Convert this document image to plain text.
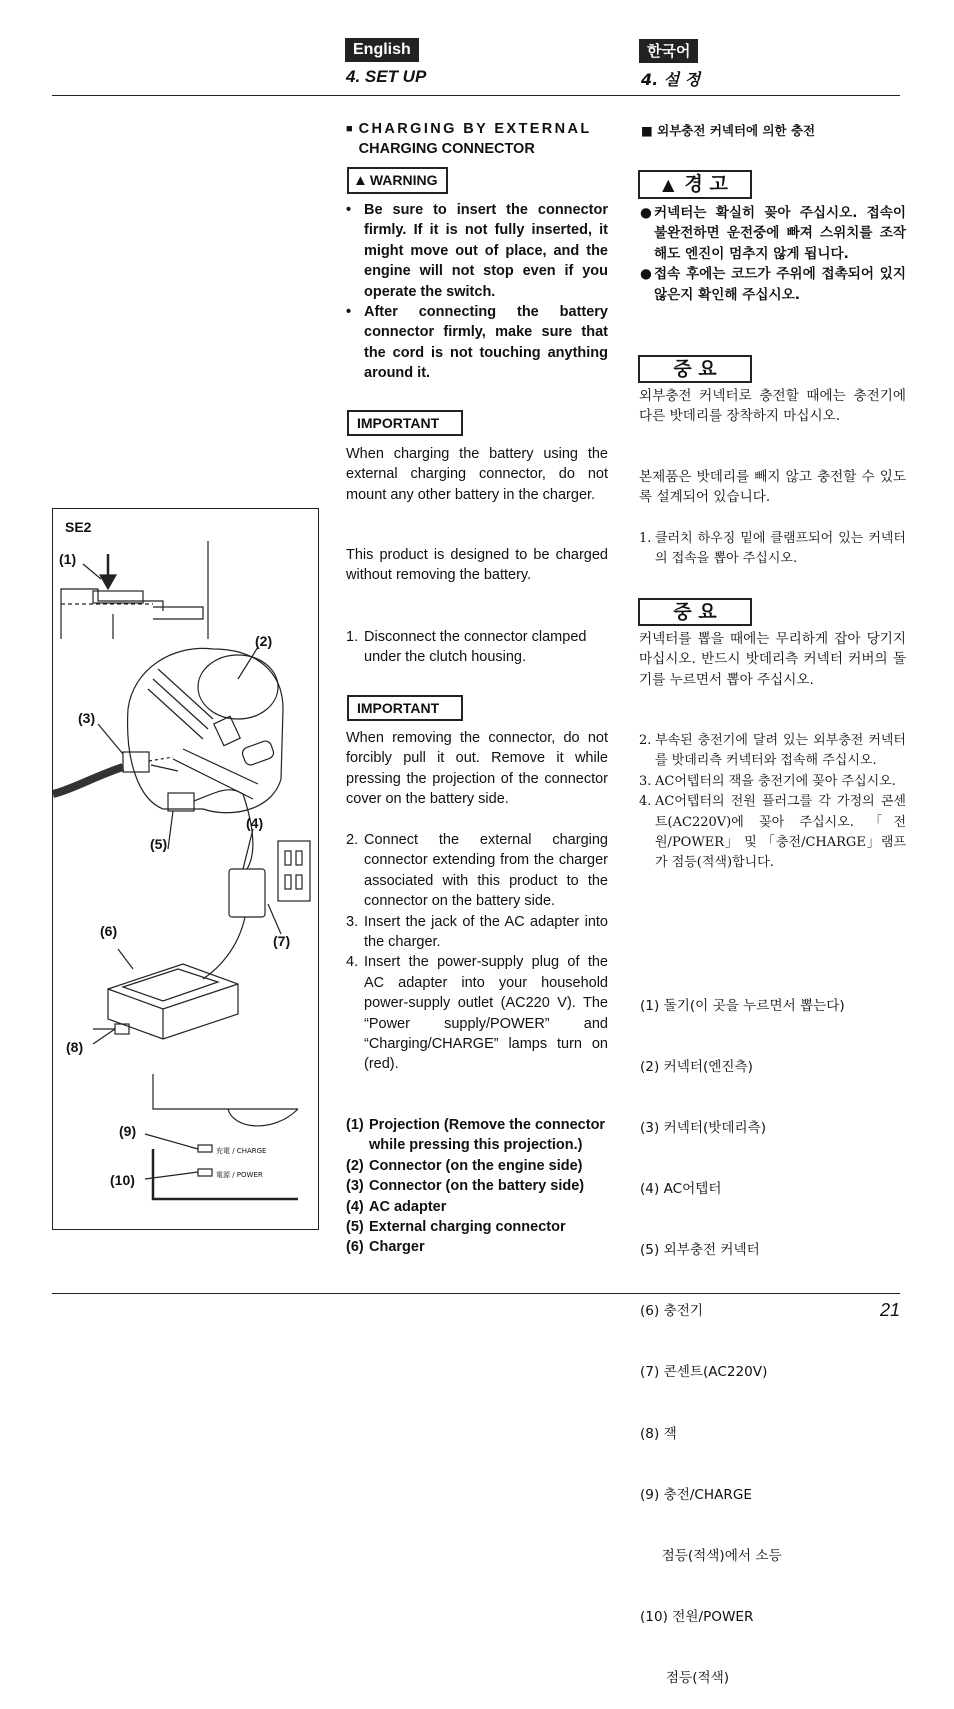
English
4. SET UP
한국어
4. 설 정
■ CHARGING BY EXTERNAL
CHARGING CONNECTOR
▲ WARNING
• Be sure to insert the connector firmly. If it is not fully inserted, it might move out of place, and the engine will not stop even if you operate the switch.
• After connecting the battery connector firmly, make sure that the cord is not touching anything around it.
IMPORTANT
When charging the battery using the external charging connector, do not mount any other battery in the charger.
This product is designed to be charged without removing the battery.
1. Disconnect the connector clamped under the clutch housing.
IMPORTANT
When removing the connector, do not forcibly pull it out. Remove it while pressing the projection of the connector cover on the battery side.
2. Connect the external charging connector extending from the charger associated with this product to the connector on the battery side.
3. Insert the jack of the AC adapter into the charger.
4. Insert the power-supply plug of the AC adapter into your household power-supply outlet (AC220 V). The “Power supply/POWER” and “Charging/CHARGE” lamps turn on (red).
(1) Projection (Remove the connector while pressing this projection.)
(2) Connector (on the engine side)
(3) Connector (on the battery side)
(4) AC adapter
(5) External charging connector
(6) Charger
■ 외부충전 커넥터에 의한 충전
▲ 경 고
● 커넥터는 확실히 꽂아 주십시오. 접속이 불완전하면 운전중에 빠져 스위치를 조작해도 엔진이 멈추지 않게 됩니다.
● 접속 후에는 코드가 주위에 접촉되어 있지 않은지 확인해 주십시오.
중 요
외부충전 커넥터로 충전할 때에는 충전기에 다른 밧데리를 장착하지 마십시오.
본제품은 밧데리를 빼지 않고 충전할 수 있도록 설계되어 있습니다.
1. 클러치 하우징 밑에 클램프되어 있는 커넥터의 접속을 뽑아 주십시오.
중 요
커넥터를 뽑을 때에는 무리하게 잡아 당기지 마십시오. 반드시 밧데리측 커넥터 커버의 돌기를 누르면서 뽑아 주십시오.
2. 부속된 충전기에 달려 있는 외부충전 커넥터를 밧데리측 커넥터와 접속해 주십시오.
3. AC어텝터의 잭을 충전기에 꽂아 주십시오.
4. AC어텝터의 전원 플러그를 각 가정의 콘센트(AC220V)에 꽂아 주십시오. 「전원/POWER」 및 「충전/CHARGE」램프가 점등(적색)합니다.

(1) 돌기(이 곳을 누르면서 뽑는다)

(2) 커넥터(엔진측)

(3) 커넥터(밧데리측)

(4) AC어텝터

(5) 외부충전 커넥터

(6) 충전기

(7) 콘센트(AC220V)

(8) 잭

(9) 충전/CHARGE

점등(적색)에서 소등

(10) 전원/POWER

점등(적색)

SE2
(1)
(2)
(3)
(4)
(5)
(6)
(7)
(8)
(9)
(10)
充電 / CHARGE
電源 / POWER
21
